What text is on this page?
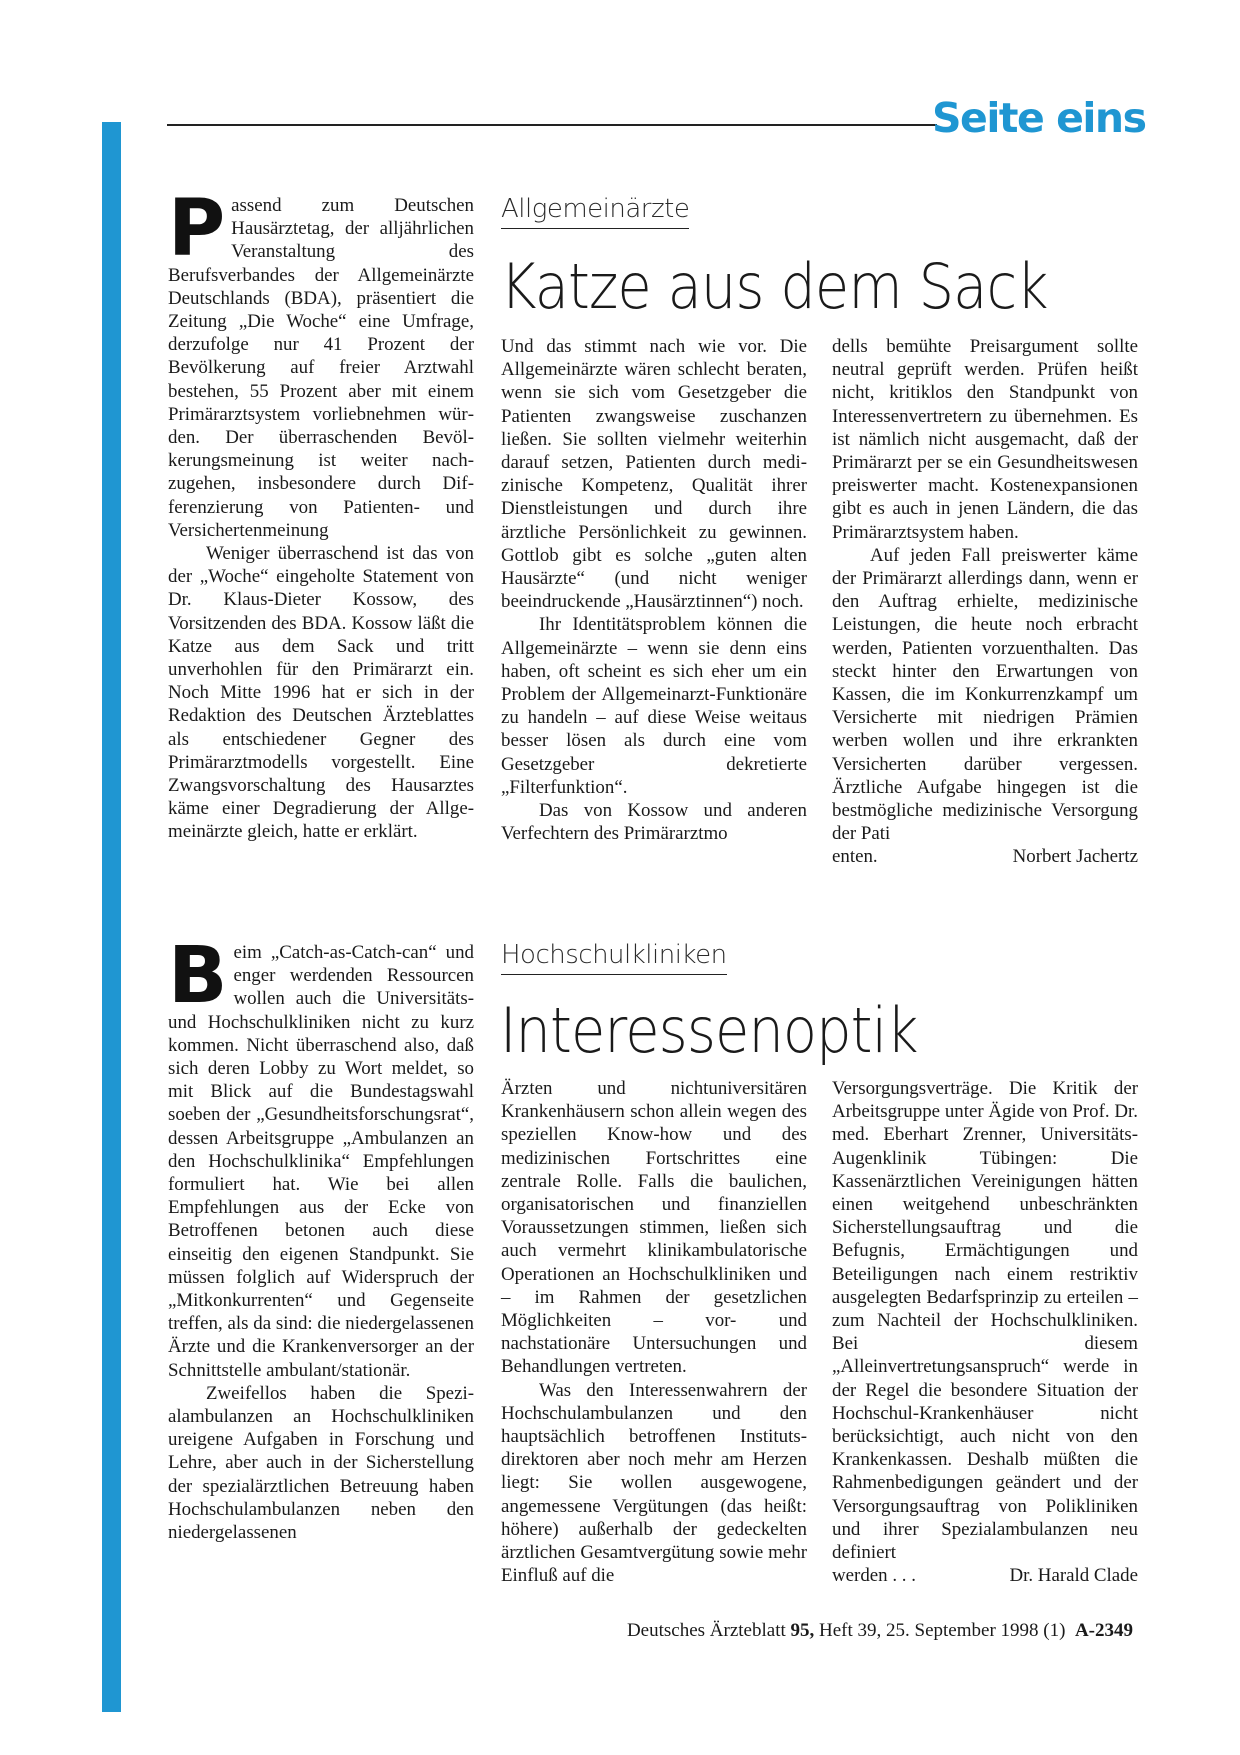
Seite eins

Passend zum Deutschen Hausärztetag, der alljährlichen Veranstaltung des Berufsverbandes der Allgemeinärzte Deutschlands (BDA), präsentiert die Zeitung „Die Woche“ eine Umfrage, derzufolge nur 41 Prozent der Bevölkerung auf freier Arztwahl bestehen, 55 Prozent aber mit einem Primärarztsystem vorliebnehmen würden. Der überraschenden Bevölkerungsmeinung ist weiter nachzugehen, insbesondere durch Differenzierung von Patienten- und Versichertenmeinung

Weniger überraschend ist das von der „Woche“ eingeholte Statement von Dr. Klaus-Dieter Kossow, des Vorsitzenden des BDA. Kossow läßt die Katze aus dem Sack und tritt unverhohlen für den Primärarzt ein. Noch Mitte 1996 hat er sich in der Redaktion des Deutschen Ärzteblattes als entschiedener Gegner des Primärarztmodells vorgestellt. Eine Zwangsvorschaltung des Hausarztes käme einer Degradierung der Allgemeinärzte gleich, hatte er erklärt.

Allgemeinärzte
Katze aus dem Sack

Und das stimmt nach wie vor. Die Allgemeinärzte wären schlecht beraten, wenn sie sich vom Gesetzgeber die Patienten zwangsweise zuschanzen ließen. Sie sollten vielmehr weiterhin darauf setzen, Patienten durch medizinische Kompetenz, Qualität ihrer Dienstleistungen und durch ihre ärztliche Persönlichkeit zu gewinnen. Gottlob gibt es solche „guten alten Hausärzte“ (und nicht weniger beeindruckende „Hausärztinnen“) noch.

Ihr Identitätsproblem können die Allgemeinärzte – wenn sie denn eins haben, oft scheint es sich eher um ein Problem der Allgemeinarzt-Funktionäre zu handeln – auf diese Weise weitaus besser lösen als durch eine vom Gesetzgeber dekretierte „Filterfunktion“.

Das von Kossow und anderen Verfechtern des Primärarztmo

dells bemühte Preisargument sollte neutral geprüft werden. Prüfen heißt nicht, kritiklos den Standpunkt von Interessenvertretern zu übernehmen. Es ist nämlich nicht ausgemacht, daß der Primärarzt per se ein Gesundheitswesen preiswerter macht. Kostenexpansionen gibt es auch in jenen Ländern, die das Primärarztsystem haben.

Auf jeden Fall preiswerter käme der Primärarzt allerdings dann, wenn er den Auftrag erhielte, medizinische Leistungen, die heute noch erbracht werden, Patienten vorzuenthalten. Das steckt hinter den Erwartungen von Kassen, die im Konkurrenzkampf um Versicherte mit niedrigen Prämien werben wollen und ihre erkrankten Versicherten darüber vergessen. Ärztliche Aufgabe hingegen ist die bestmögliche medizinische Versorgung der Pati

enten.	Norbert Jachertz

Beim „Catch-as-Catch-can“ und enger werdenden Ressourcen wollen auch die Universitäts- und Hochschulkliniken nicht zu kurz kommen. Nicht überraschend also, daß sich deren Lobby zu Wort meldet, so mit Blick auf die Bundestagswahl soeben der „Gesundheitsforschungsrat“, dessen Arbeitsgruppe „Ambulanzen an den Hochschulklinika“ Empfehlungen formuliert hat. Wie bei allen Empfehlungen aus der Ecke von Betroffenen betonen auch diese einseitig den eigenen Standpunkt. Sie müssen folglich auf Widerspruch der „Mitkonkurrenten“ und Gegenseite treffen, als da sind: die niedergelassenen Ärzte und die Krankenversorger an der Schnittstelle ambulant/stationär.

Zweifellos haben die Spezialambulanzen an Hochschulkliniken ureigene Aufgaben in Forschung und Lehre, aber auch in der Sicherstellung der spezialärztlichen Betreuung haben Hochschulambulanzen neben den niedergelassenen

Hochschulkliniken
Interessenoptik

Ärzten und nichtuniversitären Krankenhäusern schon allein wegen des speziellen Know-how und des medizinischen Fortschrittes eine zentrale Rolle. Falls die baulichen, organisatorischen und finanziellen Voraussetzungen stimmen, ließen sich auch vermehrt klinikambulatorische Operationen an Hochschulkliniken und – im Rahmen der gesetzlichen Möglichkeiten – vor- und nachstationäre Untersuchungen und Behandlungen vertreten.

Was den Interessenwahrern der Hochschulambulanzen und den hauptsächlich betroffenen Institutsdirektoren aber noch mehr am Herzen liegt: Sie wollen ausgewogene, angemessene Vergütungen (das heißt: höhere) außerhalb der gedeckelten ärztlichen Gesamtvergütung sowie mehr Einfluß auf die

Versorgungsverträge. Die Kritik der Arbeitsgruppe unter Ägide von Prof. Dr. med. Eberhart Zrenner, Universitäts-Augenklinik Tübingen: Die Kassenärztlichen Vereinigungen hätten einen weitgehend unbeschränkten Sicherstellungsauftrag und die Befugnis, Ermächtigungen und Beteiligungen nach einem restriktiv ausgelegten Bedarfsprinzip zu erteilen – zum Nachteil der Hochschulkliniken. Bei diesem „Alleinvertretungsanspruch“ werde in der Regel die besondere Situation der Hochschul-Krankenhäuser nicht berücksichtigt, auch nicht von den Krankenkassen. Deshalb müßten die Rahmenbedigungen geändert und der Versorgungsauftrag von Polikliniken und ihrer Spezialambulanzen neu definiert

werden . . .	Dr. Harald Clade
Deutsches Ärzteblatt 95, Heft 39, 25. September 1998 (1) A-2349
